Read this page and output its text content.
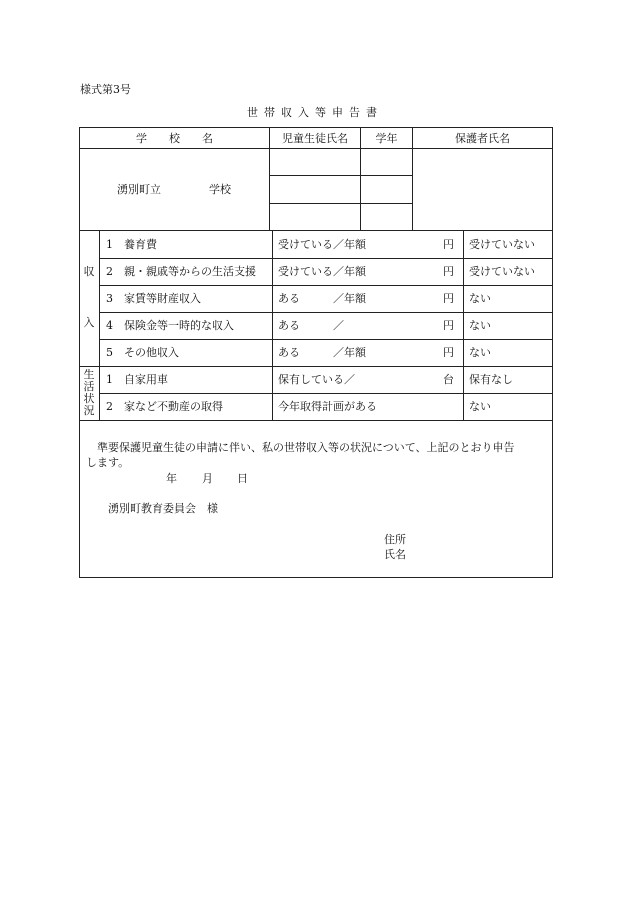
様式第3号
世帯収入等申告書
学　　校　　名	児童生徒氏名	学年	保護者氏名
湧別町立	学校
収
入
1 養育費	受けている／年額	円 受けていない
2 親・親戚等からの生活支援 受けている／年額	円 受けていない
3 家賃等財産収入	ある　　　／年額	円 ない
4 保険金等一時的な収入	ある　　　／	円 ない
5 その他収入	ある　　　／年額	円 ない
生
活
状
況
1 自家用車	保有している／	台 保有なし
2 家など不動産の取得	今年取得計画がある	ない
準要保護児童生徒の申請に伴い、私の世帯収入等の状況について、上記のとおり申告
します。
年 月 日
湧別町教育委員会　様
住所
氏名
